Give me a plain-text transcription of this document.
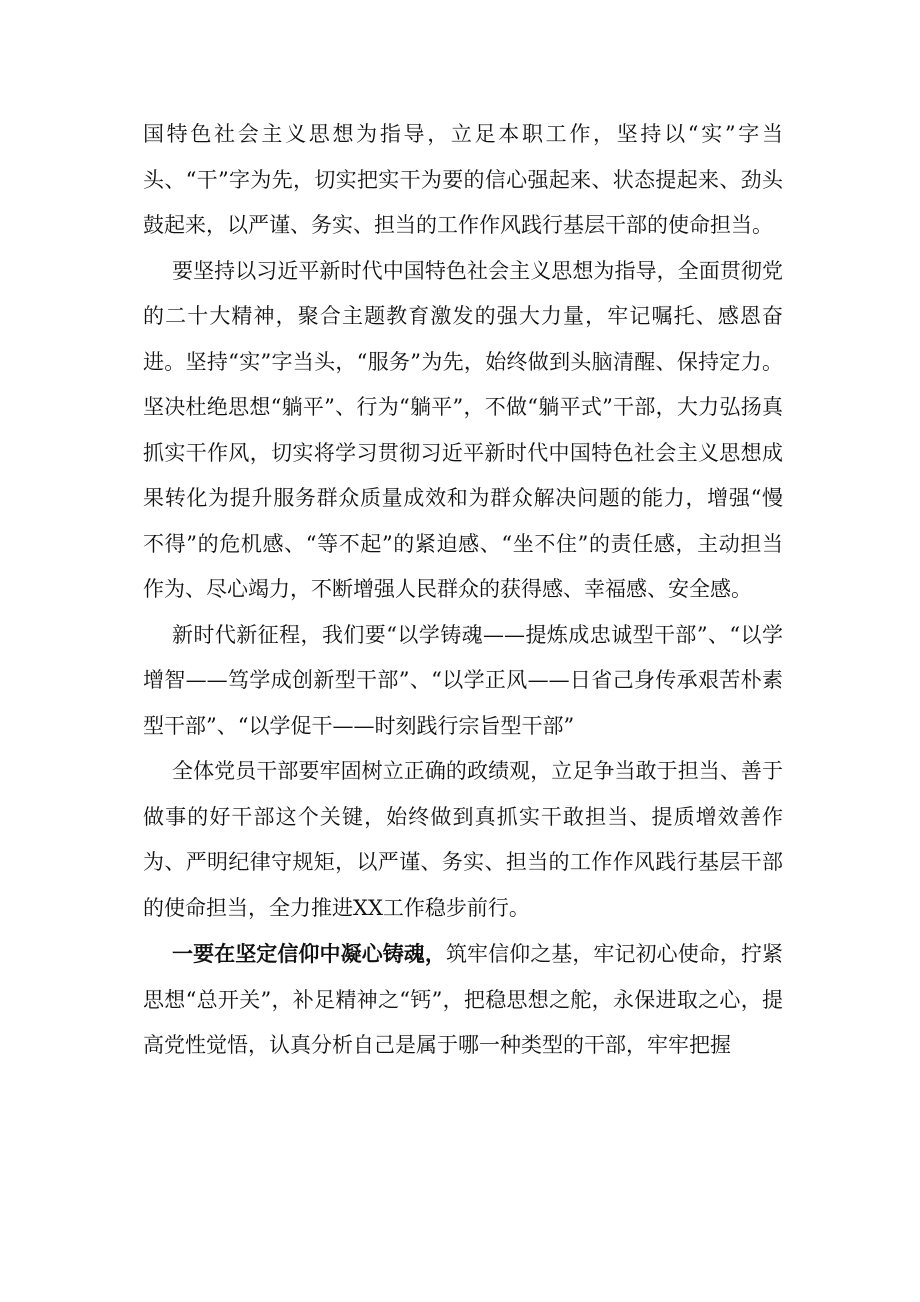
国特色社会主义思想为指导，立足本职工作，坚持以“实”字当头、“干”字为先，切实把实干为要的信心强起来、状态提起来、劲头鼓起来，以严谨、务实、担当的工作作风践行基层干部的使命担当。

要坚持以习近平新时代中国特色社会主义思想为指导，全面贯彻党的二十大精神，聚合主题教育激发的强大力量，牢记嘱托、感恩奋进。坚持“实”字当头，“服务”为先，始终做到头脑清醒、保持定力。坚决杜绝思想“躺平”、行为“躺平”，不做“躺平式”干部，大力弘扬真抓实干作风，切实将学习贯彻习近平新时代中国特色社会主义思想成果转化为提升服务群众质量成效和为群众解决问题的能力，增强“慢不得”的危机感、“等不起”的紧迫感、“坐不住”的责任感，主动担当作为、尽心竭力，不断增强人民群众的获得感、幸福感、安全感。

新时代新征程，我们要“以学铸魂——提炼成忠诚型干部”、“以学增智——笃学成创新型干部”、“以学正风——日省己身传承艰苦朴素型干部”、“以学促干——时刻践行宗旨型干部”

全体党员干部要牢固树立正确的政绩观，立足争当敢于担当、善于做事的好干部这个关键，始终做到真抓实干敢担当、提质增效善作为、严明纪律守规矩，以严谨、务实、担当的工作作风践行基层干部的使命担当，全力推进XX工作稳步前行。

一要在坚定信仰中凝心铸魂，筑牢信仰之基，牢记初心使命，拧紧思想“总开关”，补足精神之“钙”，把稳思想之舵，永保进取之心，提高党性觉悟，认真分析自己是属于哪一种类型的干部，牢牢把握
